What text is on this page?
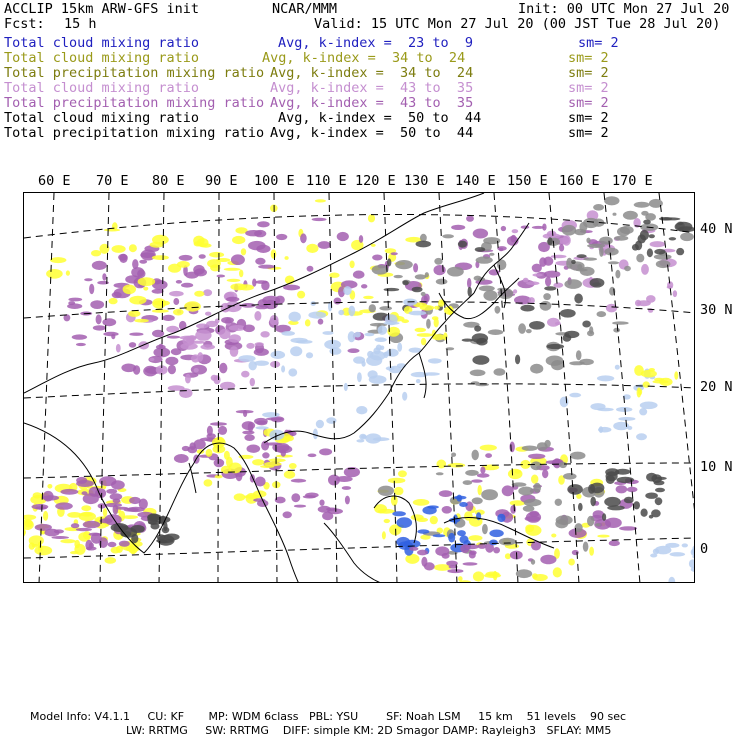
ACCLIP 15km ARW-GFS init	NCAR/MMM	Init: 00 UTC Mon 27 Jul 20
Fcst: 15 h	Valid: 15 UTC Mon 27 Jul 20 (00 JST Tue 28 Jul 20)
Total cloud mixing ratio	Avg, k-index =  23 to  9	sm= 2
Total cloud mixing ratio	Avg, k-index =  34 to  24	sm= 2
Total precipitation mixing ratio Avg, k-index =  34 to  24	sm= 2
Total cloud mixing ratio	Avg, k-index =  43 to  35	sm= 2
Total precipitation mixing ratio Avg, k-index =  43 to  35	sm= 2
Total cloud mixing ratio	Avg, k-index =  50 to  44	sm= 2
Total precipitation mixing ratio Avg, k-index =  50 to  44	sm= 2
60 E 70 E 80 E 90 E 100 E 110 E 120 E 130 E 140 E 150 E 160 E 170 E
40 N
30 N
20 N
10 N
0
Model Info: V4.1.1     CU: KF       MP: WDM 6class   PBL: YSU        SF: Noah LSM     15 km    51 levels    90 sec
LW: RRTMG     SW: RRTMG    DIFF: simple KM: 2D Smagor DAMP: Rayleigh3   SFLAY: MM5
